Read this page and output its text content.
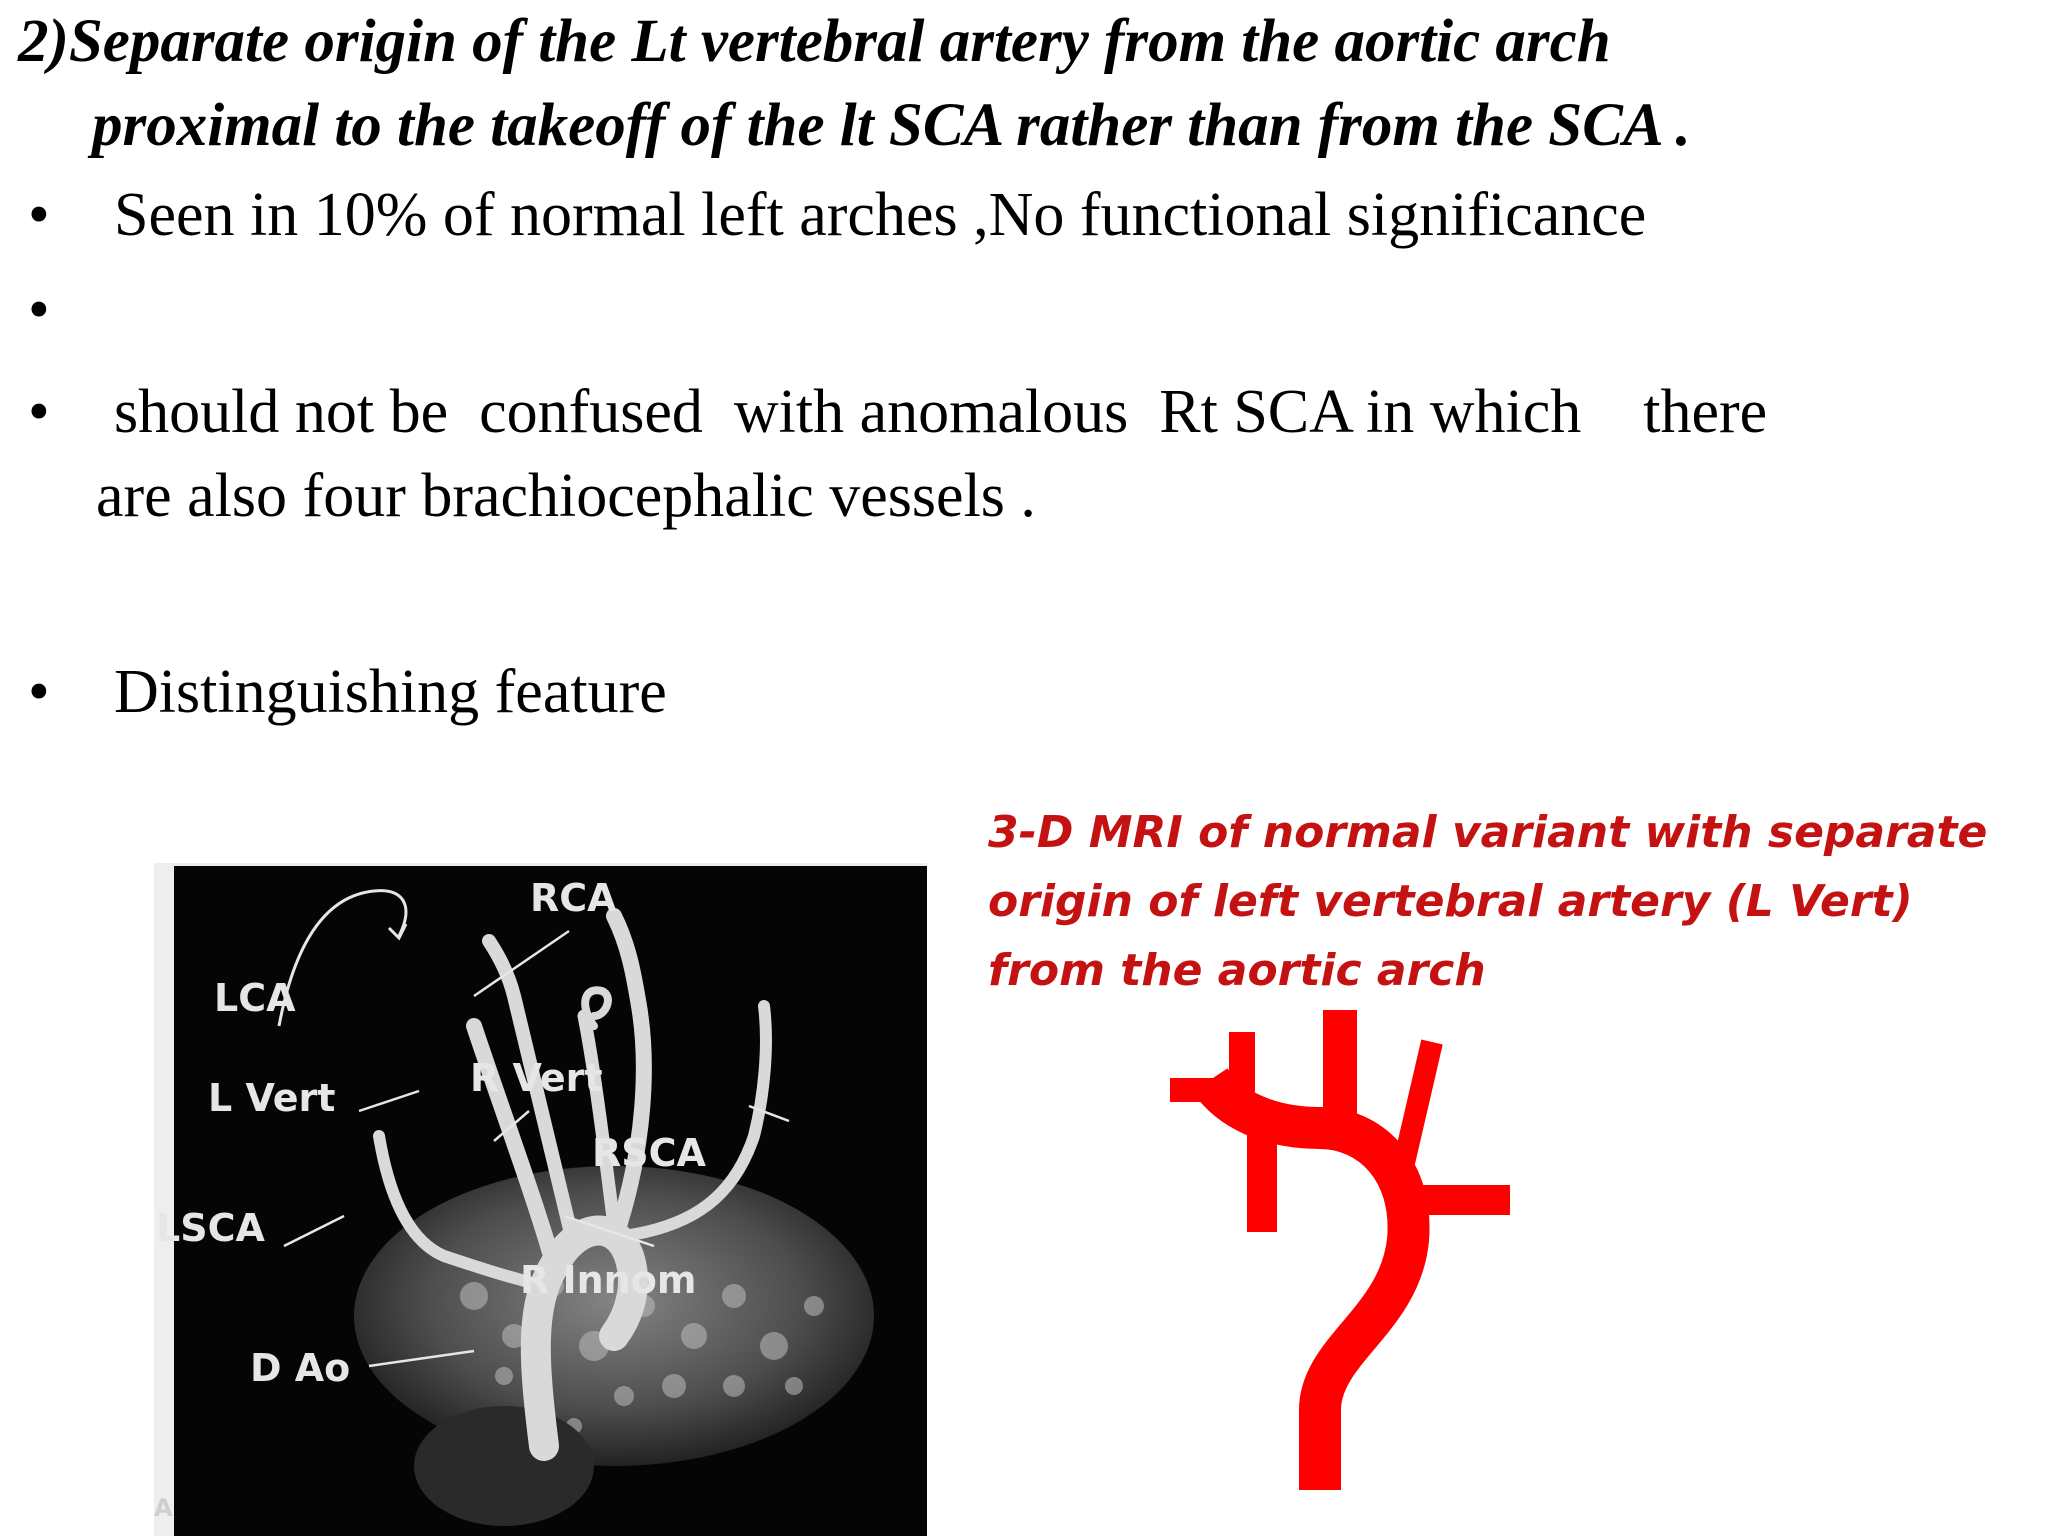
2)Separate origin of the Lt vertebral artery from the aortic arch
proximal to the takeoff of the lt SCA rather than from the SCA .
• Seen in 10% of normal left arches ,No functional significance
•
• should not be  confused  with anomalous  Rt SCA in which    there
are also four brachiocephalic vessels .
• Distinguishing feature

3-D MRI of normal variant with separate origin of left vertebral artery (L Vert) from the aortic arch

RCA
LCA
L Vert	R Vert
RSCA
LSCA
R Innom
D Ao
A
